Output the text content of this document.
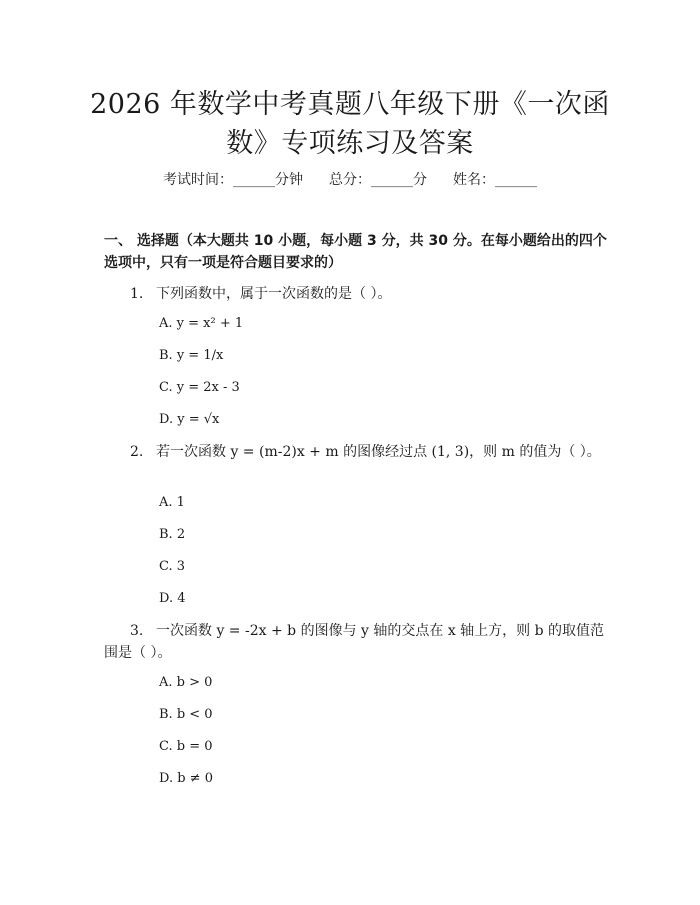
2026 年数学中考真题八年级下册《一次函
数》专项练习及答案
考试时间：______分钟 总分：______分 姓名：______
一、 选择题（本大题共 10 小题，每小题 3 分，共 30 分。在每小题给出的四个选项中，只有一项是符合题目要求的）
1. 下列函数中，属于一次函数的是（ ）。
A. y = x² + 1
B. y = 1/x
C. y = 2x - 3
D. y = √x
2. 若一次函数 y = (m-2)x + m 的图像经过点 (1, 3)，则 m 的值为（ ）。
A. 1
B. 2
C. 3
D. 4
3. 一次函数 y = -2x + b 的图像与 y 轴的交点在 x 轴上方，则 b 的取值范围是（ ）。
A. b > 0
B. b < 0
C. b = 0
D. b ≠ 0
